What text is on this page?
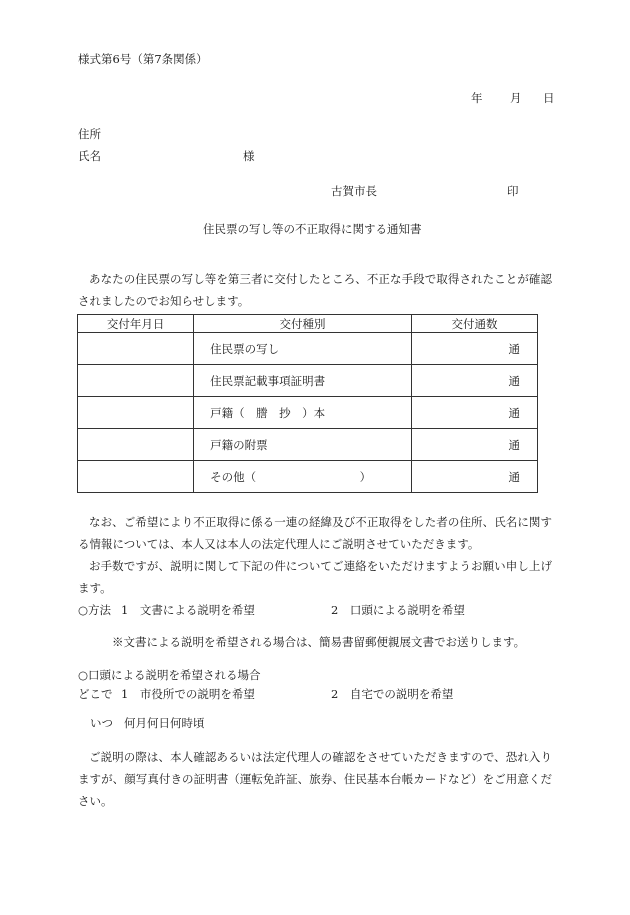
様式第6号（第7条関係）
年 月 日
住所
氏名	様
古賀市長	印
住民票の写し等の不正取得に関する通知書
あなたの住民票の写し等を第三者に交付したところ、不正な手段で取得されたことが確認されましたのでお知らせします。
交付年月日	交付種別	交付通数
	住民票の写し	通
	住民票記載事項証明書	通
	戸籍（　謄　抄　）本	通
	戸籍の附票	通
	その他（　　　　　　　　　）	通
なお、ご希望により不正取得に係る一連の経緯及び不正取得をした者の住所、氏名に関する情報については、本人又は本人の法定代理人にご説明させていただきます。
お手数ですが、説明に関して下記の件についてご連絡をいただけますようお願い申し上げます。
○方法 1　文書による説明を希望	2　口頭による説明を希望
※文書による説明を希望される場合は、簡易書留郵便親展文書でお送りします。
○口頭による説明を希望される場合
どこで 1　市役所での説明を希望	2　自宅での説明を希望
いつ 何月何日何時頃
ご説明の際は、本人確認あるいは法定代理人の確認をさせていただきますので、恐れ入りますが、顔写真付きの証明書（運転免許証、旅券、住民基本台帳カードなど）をご用意ください。
